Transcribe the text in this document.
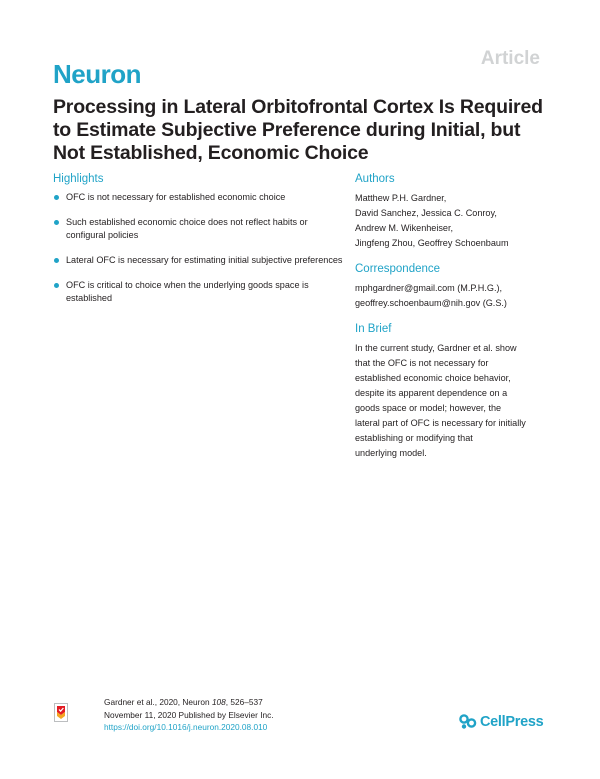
Article
Neuron
Processing in Lateral Orbitofrontal Cortex Is Required to Estimate Subjective Preference during Initial, but Not Established, Economic Choice
Highlights
OFC is not necessary for established economic choice
Such established economic choice does not reflect habits or configural policies
Lateral OFC is necessary for estimating initial subjective preferences
OFC is critical to choice when the underlying goods space is established
Authors

Matthew P.H. Gardner,

David Sanchez, Jessica C. Conroy,

Andrew M. Wikenheiser,

Jingfeng Zhou, Geoffrey Schoenbaum

Correspondence

mphgardner@gmail.com (M.P.H.G.),

geoffrey.schoenbaum@nih.gov (G.S.)

In Brief

In the current study, Gardner et al. show

that the OFC is not necessary for

established economic choice behavior,

despite its apparent dependence on a

goods space or model; however, the

lateral part of OFC is necessary for initially

establishing or modifying that

underlying model.

Gardner et al., 2020, Neuron 108, 526–537
November 11, 2020 Published by Elsevier Inc.
https://doi.org/10.1016/j.neuron.2020.08.010	CellPress
